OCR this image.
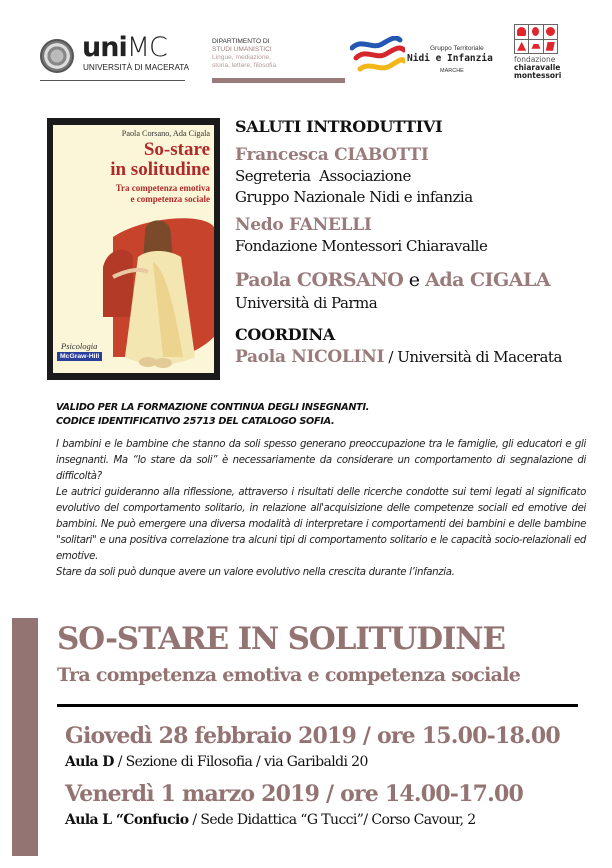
uniMC
UNIVERSITÀ DI MACERATA
DIPARTIMENTO DI
STUDI UMANISTICI
Lingue, mediazione,
storia, lettere, filosofia
Gruppo Territoriale
Nidi e Infanzia
MARCHE
fondazione
chiaravalle
montessori
Paola Corsano, Ada Cigala
So-stare
in solitudine
Tra competenza emotiva
e competenza sociale
Psicologia
McGraw-Hill
SALUTI INTRODUTTIVI
Francesca CIABOTTI
Segreteria  Associazione
Gruppo Nazionale Nidi e infanzia
Nedo FANELLI
Fondazione Montessori Chiaravalle
Paola CORSANO e Ada CIGALA
Università di Parma
COORDINA
Paola NICOLINI / Università di Macerata
VALIDO PER LA FORMAZIONE CONTINUA DEGLI INSEGNANTI.
CODICE IDENTIFICATIVO 25713 DEL CATALOGO SOFIA.

I bambini e le bambine che stanno da soli spesso generano preoccupazione tra le famiglie, gli educatori e gli insegnanti. Ma “lo stare da soli” è necessariamente da considerare un comportamento di segnalazione di difficoltà?

Le autrici guideranno alla riflessione, attraverso i risultati delle ricerche condotte sui temi legati al significato evolutivo del comportamento solitario, in relazione all'acquisizione delle competenze sociali ed emotive dei bambini. Ne può emergere una diversa modalità di interpretare i comportamenti dei bambini e delle bambine "solitari" e una positiva correlazione tra alcuni tipi di comportamento solitario e le capacità socio-relazionali ed emotive.

Stare da soli può dunque avere un valore evolutivo nella crescita durante l’infanzia.

SO-STARE IN SOLITUDINE
Tra competenza emotiva e competenza sociale
Giovedì 28 febbraio 2019 / ore 15.00-18.00
Aula D / Sezione di Filosofia / via Garibaldi 20
Venerdì 1 marzo 2019 / ore 14.00-17.00
Aula L “Confucio / Sede Didattica “G Tucci”/ Corso Cavour, 2
